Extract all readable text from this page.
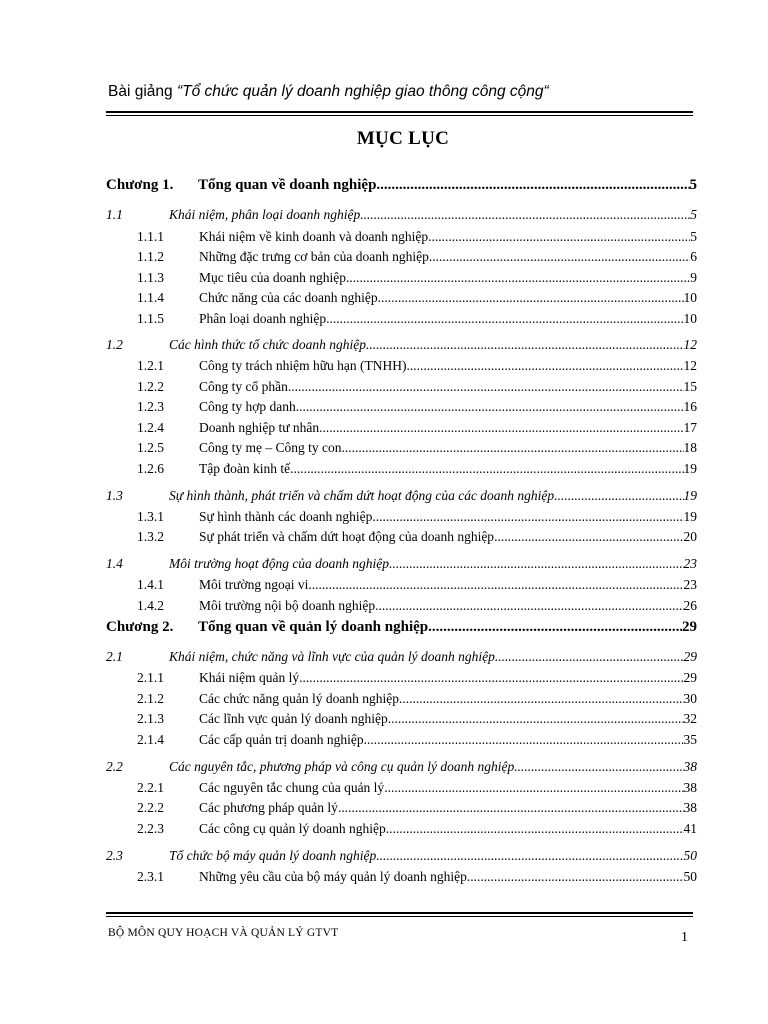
Bài giảng “Tổ chức quản lý doanh nghiệp giao thông công cộng“
MỤC LỤC
Chương 1.	Tổng quan về doanh nghiệp .....	5
1.1	Khái niệm, phân loại doanh nghiệp .....	5
1.1.1	Khái niệm về kinh doanh và doanh nghiệp. .....	5
1.1.2	Những đặc trưng cơ bản của doanh nghiệp .....	6
1.1.3	Mục tiêu của doanh nghiệp. .....	9
1.1.4	Chức năng của các doanh nghiệp .....	10
1.1.5	Phân loại doanh nghiệp .....	10
1.2	Các hình thức tổ chức doanh nghiệp .....	12
1.2.1	Công ty trách nhiệm hữu hạn (TNHH) .....	12
1.2.2	Công ty cổ phần .....	15
1.2.3	Công ty hợp danh .....	16
1.2.4	Doanh nghiệp tư nhân .....	17
1.2.5	Công ty mẹ – Công ty con .....	18
1.2.6	Tập đoàn kinh tế .....	19
1.3	Sự hình thành, phát triển và chấm dứt hoạt động của các doanh nghiệp .....	19
1.3.1	Sự hình thành các doanh nghiệp .....	19
1.3.2	Sự phát triển và chấm dứt hoạt động của doanh nghiệp .....	20
1.4	Môi trường hoạt động của doanh nghiệp .....	23
1.4.1	Môi trường ngoại vi .....	23
1.4.2	Môi trường nội bộ doanh nghiệp .....	26
Chương 2.	Tổng quan về quản lý doanh nghiệp .....	29
2.1	Khái niệm, chức năng và lĩnh vực của quản lý doanh nghiệp .....	29
2.1.1	Khái niệm quản lý .....	29
2.1.2	Các chức năng quản lý doanh nghiệp .....	30
2.1.3	Các lĩnh vực quản lý doanh nghiệp. .....	32
2.1.4	Các cấp quản trị doanh nghiệp .....	35
2.2	Các nguyên tắc, phương pháp và công cụ quản lý doanh nghiệp. .....	38
2.2.1	Các nguyên tắc chung của quản lý .....	38
2.2.2	Các phương pháp quản lý .....	38
2.2.3	Các công cụ quản lý doanh nghiệp. .....	41
2.3	Tổ chức bộ máy quản lý doanh nghiệp .....	50
2.3.1	Những yêu cầu của bộ máy quản lý doanh nghiệp .....	50
BỘ MÔN QUY HOẠCH VÀ QUẢN LÝ GTVT	1
